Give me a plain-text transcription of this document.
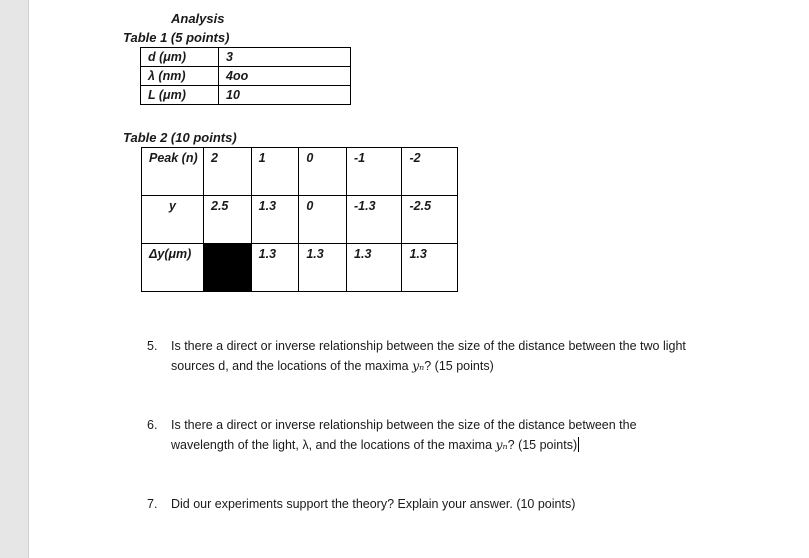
Analysis
Table 1 (5 points)
d (μm)	3
λ (nm)	4oo
L (μm)	10
Table 2 (10 points)
Peak (n)	2	1	0	-1	-2
y	2.5	1.3	0	-1.3	-2.5
Δy(μm)		1.3	1.3	1.3	1.3
5. Is there a direct or inverse relationship between the size of the distance between the two light
sources d, and the locations of the maxima yₙ? (15 points)
6. Is there a direct or inverse relationship between the size of the distance between the
wavelength of the light, λ, and the locations of the maxima yₙ? (15 points)
7. Did our experiments support the theory? Explain your answer. (10 points)
